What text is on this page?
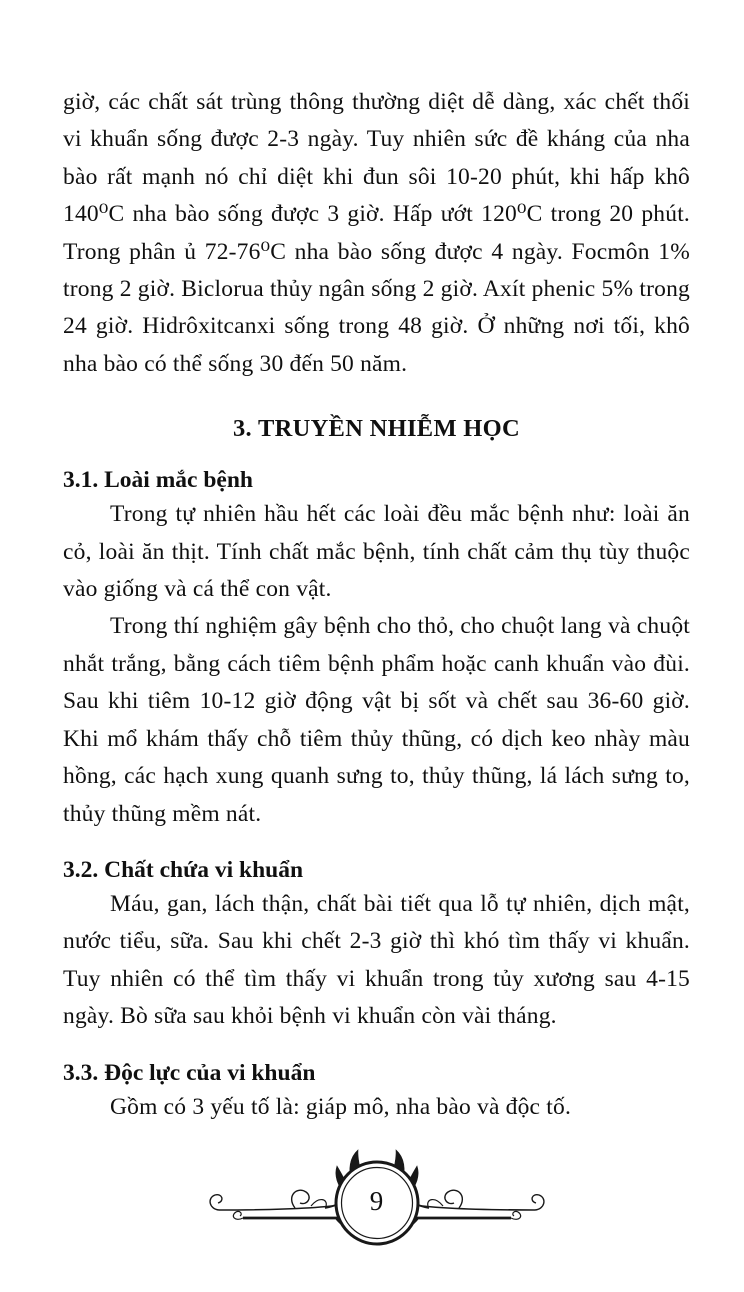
giờ, các chất sát trùng thông thường diệt dễ dàng, xác chết thối vi khuẩn sống được 2-3 ngày. Tuy nhiên sức đề kháng của nha bào rất mạnh nó chỉ diệt khi đun sôi 10-20 phút, khi hấp khô 140⁰C nha bào sống được 3 giờ. Hấp ướt 120⁰C trong 20 phút. Trong phân ủ 72-76⁰C nha bào sống được 4 ngày. Focmôn 1% trong 2 giờ. Biclorua thủy ngân sống 2 giờ. Axít phenic 5% trong 24 giờ. Hidrôxitcanxi sống trong 48 giờ. Ở những nơi tối, khô nha bào có thể sống 30 đến 50 năm.

3. TRUYỀN NHIỄM HỌC
3.1. Loài mắc bệnh

Trong tự nhiên hầu hết các loài đều mắc bệnh như: loài ăn cỏ, loài ăn thịt. Tính chất mắc bệnh, tính chất cảm thụ tùy thuộc vào giống và cá thể con vật.

Trong thí nghiệm gây bệnh cho thỏ, cho chuột lang và chuột nhắt trắng, bằng cách tiêm bệnh phẩm hoặc canh khuẩn vào đùi. Sau khi tiêm 10-12 giờ động vật bị sốt và chết sau 36-60 giờ. Khi mổ khám thấy chỗ tiêm thủy thũng, có dịch keo nhày màu hồng, các hạch xung quanh sưng to, thủy thũng, lá lách sưng to, thủy thũng mềm nát.

3.2. Chất chứa vi khuẩn

Máu, gan, lách thận, chất bài tiết qua lỗ tự nhiên, dịch mật, nước tiểu, sữa. Sau khi chết 2-3 giờ thì khó tìm thấy vi khuẩn. Tuy nhiên có thể tìm thấy vi khuẩn trong tủy xương sau 4-15 ngày. Bò sữa sau khỏi bệnh vi khuẩn còn vài tháng.

3.3. Độc lực của vi khuẩn

Gồm có 3 yếu tố là: giáp mô, nha bào và độc tố.

9
